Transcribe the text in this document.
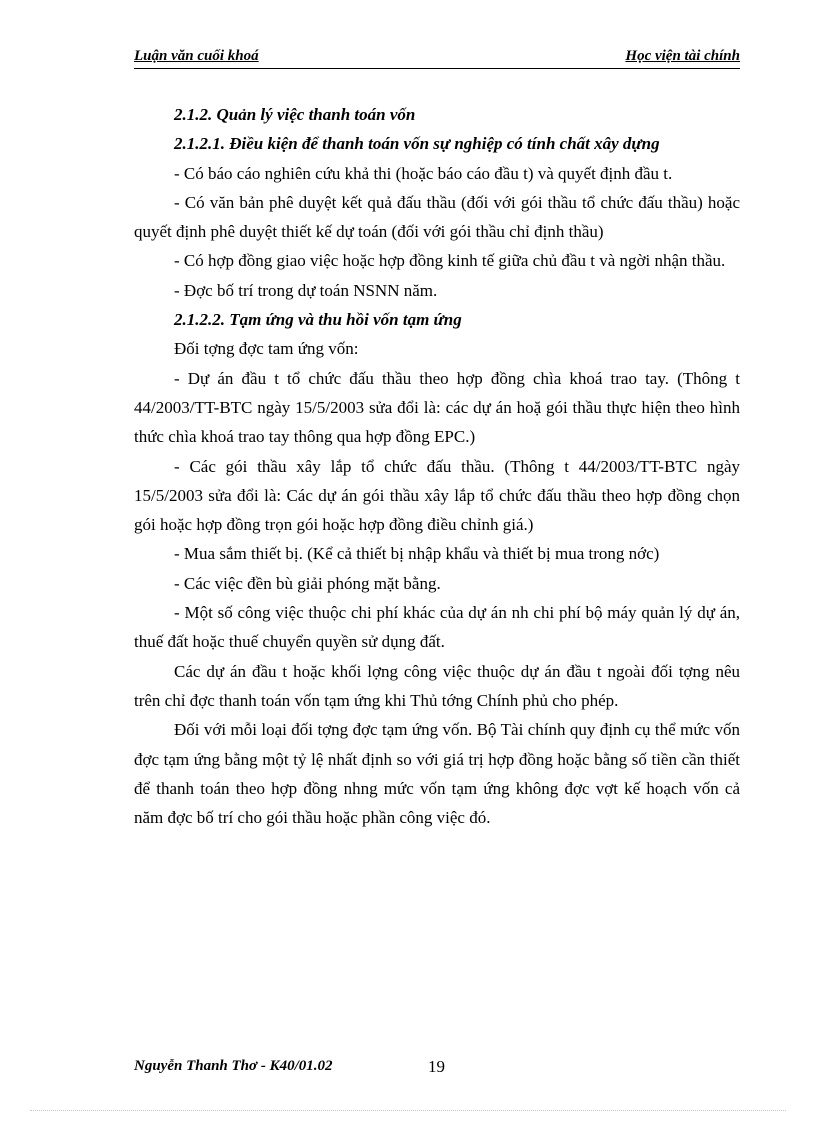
Luận văn cuối khoá	Học viện tài chính

2.1.2. Quản lý việc thanh toán vốn

2.1.2.1. Điều kiện để thanh toán vốn sự nghiệp có tính chất xây dựng

- Có báo cáo nghiên cứu khả thi (hoặc báo cáo đầu t) và quyết định đầu t.

- Có văn bản phê duyệt kết quả đấu thầu (đối với gói thầu tổ chức đấu thầu) hoặc quyết định phê duyệt thiết kế dự toán (đối với gói thầu chỉ định thầu)

- Có hợp đồng giao việc hoặc hợp đồng kinh tế giữa chủ đầu t và ngời nhận thầu.

- Đợc bố trí trong dự toán NSNN năm.

2.1.2.2. Tạm ứng và thu hồi vốn tạm ứng

Đối tợng đợc tam ứng vốn:

- Dự án đầu t tổ chức đấu thầu theo hợp đồng chìa khoá trao tay. (Thông t 44/2003/TT-BTC ngày 15/5/2003 sửa đổi là: các dự án hoặ gói thầu thực hiện theo hình thức chìa khoá trao tay thông qua hợp đồng EPC.)

- Các gói thầu xây lắp tổ chức đấu thầu. (Thông t 44/2003/TT-BTC ngày 15/5/2003 sửa đổi là: Các dự án gói thầu xây lắp tổ chức đấu thầu theo hợp đồng chọn gói hoặc hợp đồng trọn gói hoặc hợp đồng điều chỉnh giá.)

- Mua sắm thiết bị. (Kể cả thiết bị nhập khẩu và thiết bị mua trong nớc)

- Các việc đền bù giải phóng mặt bằng.

- Một số công việc thuộc chi phí khác của dự án nh chi phí bộ máy quản lý dự án, thuế đất hoặc thuế chuyển quyền sử dụng đất.

Các dự án đầu t hoặc khối lợng công việc thuộc dự án đầu t ngoài đối tợng nêu trên chỉ đợc thanh toán vốn tạm ứng khi Thủ tớng Chính phủ cho phép.

Đối với mỗi loại đối tợng đợc tạm ứng vốn. Bộ Tài chính quy định cụ thể mức vốn đợc tạm ứng bằng một tỷ lệ nhất định so với giá trị hợp đồng hoặc bằng số tiền cần thiết để thanh toán theo hợp đồng nhng mức vốn tạm ứng không đợc vợt kế hoạch vốn cả năm đợc bố trí cho gói thầu hoặc phần công việc đó.

Nguyễn Thanh Thơ - K40/01.02	19
